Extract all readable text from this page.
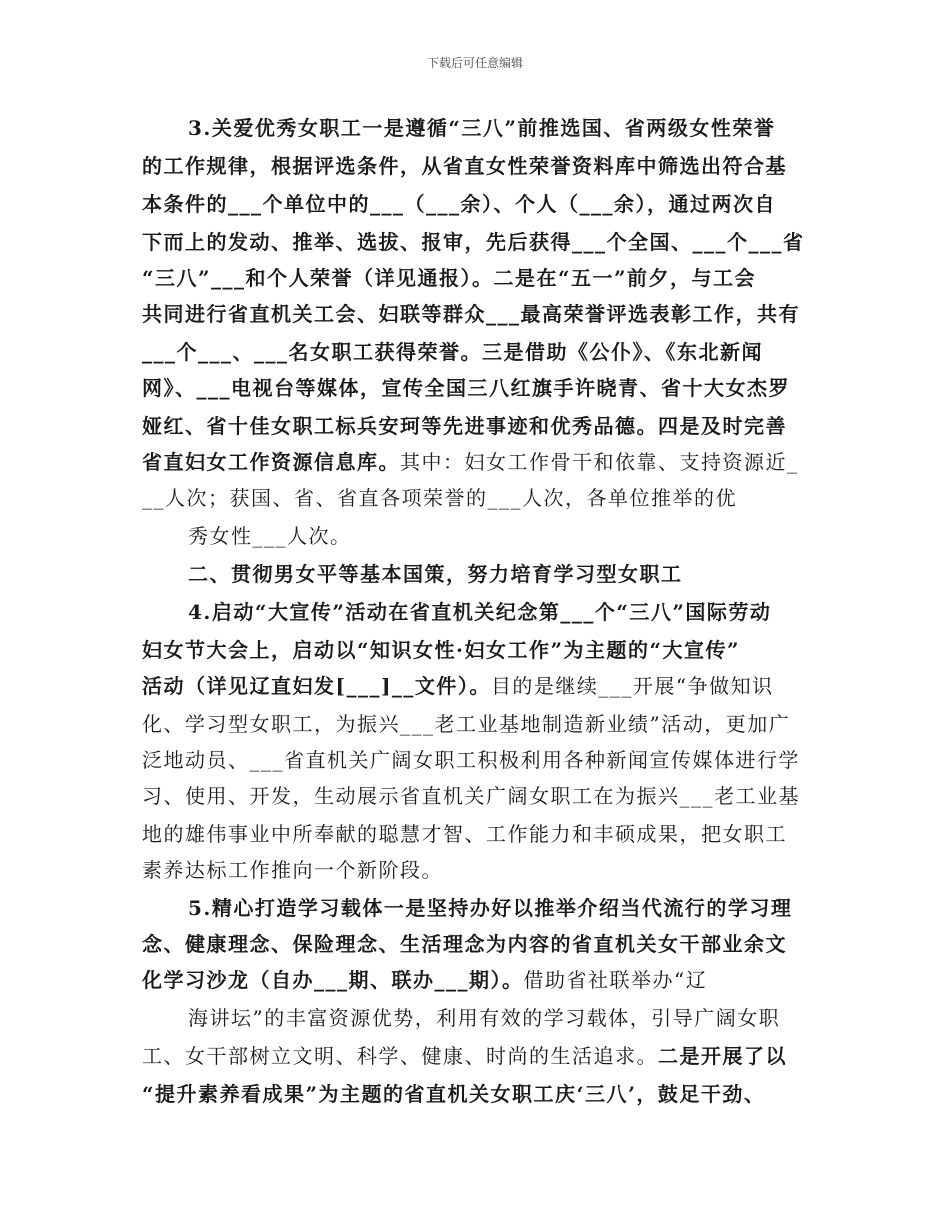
下载后可任意编辑
3.关爱优秀女职工一是遵循“三八”前推选国、省两级女性荣誉
的工作规律，根据评选条件，从省直女性荣誉资料库中筛选出符合基
本条件的___个单位中的___（___余）、个人（___余），通过两次自
下而上的发动、推举、选拔、报审，先后获得___个全国、___个___省
“三八”___和个人荣誉（详见通报）。二是在“五一”前夕，与工会
共同进行省直机关工会、妇联等群众___最高荣誉评选表彰工作，共有
___个___、___名女职工获得荣誉。三是借助《公仆》、《东北新闻
网》、___电视台等媒体，宣传全国三八红旗手许晓青、省十大女杰罗
娅红、省十佳女职工标兵安珂等先进事迹和优秀品德。四是及时完善
省直妇女工作资源信息库。其中：妇女工作骨干和依靠、支持资源近_
__人次；获国、省、省直各项荣誉的___人次，各单位推举的优
秀女性___人次。
二、贯彻男女平等基本国策，努力培育学习型女职工
4.启动“大宣传”活动在省直机关纪念第___个“三八”国际劳动
妇女节大会上，启动以“知识女性·妇女工作”为主题的“大宣传”
活动（详见辽直妇发[___]__文件）。目的是继续___开展“争做知识
化、学习型女职工，为振兴___老工业基地制造新业绩”活动，更加广
泛地动员、___省直机关广阔女职工积极利用各种新闻宣传媒体进行学
习、使用、开发，生动展示省直机关广阔女职工在为振兴___老工业基
地的雄伟事业中所奉献的聪慧才智、工作能力和丰硕成果，把女职工
素养达标工作推向一个新阶段。
5.精心打造学习载体一是坚持办好以推举介绍当代流行的学习理
念、健康理念、保险理念、生活理念为内容的省直机关女干部业余文
化学习沙龙（自办___期、联办___期）。借助省社联举办“辽
海讲坛”的丰富资源优势，利用有效的学习载体，引导广阔女职
工、女干部树立文明、科学、健康、时尚的生活追求。二是开展了以
“提升素养看成果”为主题的省直机关女职工庆‘三八’，鼓足干劲、
